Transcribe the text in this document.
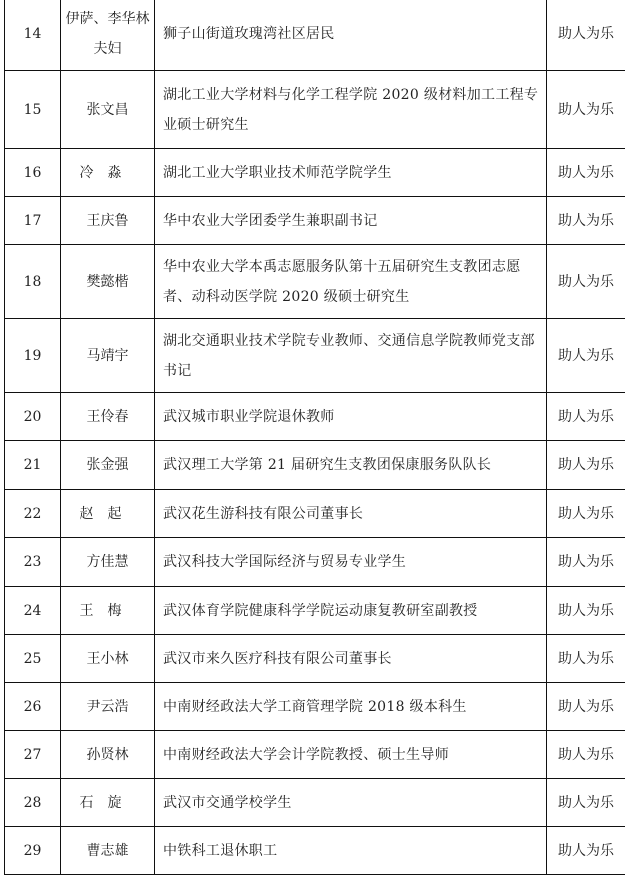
14	伊萨、李华林夫妇	狮子山街道玫瑰湾社区居民	助人为乐
15	张文昌	湖北工业大学材料与化学工程学院 2020 级材料加工工程专业硕士研究生	助人为乐
16	冷淼	湖北工业大学职业技术师范学院学生	助人为乐
17	王庆鲁	华中农业大学团委学生兼职副书记	助人为乐
18	樊懿楷	华中农业大学本禹志愿服务队第十五届研究生支教团志愿者、动科动医学院 2020 级硕士研究生	助人为乐
19	马靖宇	湖北交通职业技术学院专业教师、交通信息学院教师党支部书记	助人为乐
20	王伶春	武汉城市职业学院退休教师	助人为乐
21	张金强	武汉理工大学第 21 届研究生支教团保康服务队队长	助人为乐
22	赵起	武汉花生游科技有限公司董事长	助人为乐
23	方佳慧	武汉科技大学国际经济与贸易专业学生	助人为乐
24	王梅	武汉体育学院健康科学学院运动康复教研室副教授	助人为乐
25	王小林	武汉市来久医疗科技有限公司董事长	助人为乐
26	尹云浩	中南财经政法大学工商管理学院 2018 级本科生	助人为乐
27	孙贤林	中南财经政法大学会计学院教授、硕士生导师	助人为乐
28	石旋	武汉市交通学校学生	助人为乐
29	曹志雄	中铁科工退休职工	助人为乐
